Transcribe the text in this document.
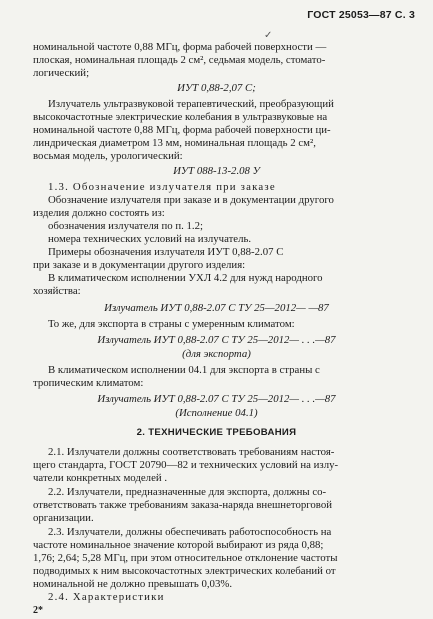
ГОСТ 25053—87 С. 3
✓
номинальной частоте 0,88 МГц, форма рабочей поверхности —
плоская, номинальная площадь 2 см², седьмая модель, стомато-
логический;
ИУТ 0,88-2,07 С;
Излучатель ультразвуковой терапевтический, преобразующий
высокочастотные электрические колебания в ультразвуковые на
номинальной частоте 0,88 МГц, форма рабочей поверхности ци-
линдрическая диаметром 13 мм, номинальная площадь 2 см²,
восьмая модель, урологический:
ИУТ 088-13-2.08 У
1.3. Обозначение излучателя при заказе
Обозначение излучателя при заказе и в документации другого
изделия должно состоять из:
обозначения излучателя по п. 1.2;
номера технических условий на излучатель.
Примеры обозначения излучателя ИУТ 0,88-2.07 С
при заказе и в документации другого изделия:
В климатическом исполнении УХЛ 4.2 для нужд народного
хозяйства:
Излучатель ИУТ 0,88-2.07 С ТУ 25—2012— —87
То же, для экспорта в страны с умеренным климатом:
Излучатель ИУТ 0,88-2.07 С ТУ 25—2012— . . .—87
(для экспорта)
В климатическом исполнении 04.1 для экспорта в страны с
тропическим климатом:
Излучатель ИУТ 0,88-2.07 С ТУ 25—2012— . . .—87
(Исполнение 04.1)
2. ТЕХНИЧЕСКИЕ ТРЕБОВАНИЯ
2.1. Излучатели должны соответствовать требованиям настоя-
щего стандарта, ГОСТ 20790—82 и технических условий на излу-
чатели конкретных моделей .
2.2. Излучатели, предназначенные для экспорта, должны со-
ответствовать также требованиям заказа-наряда внешнеторговой
организации.
2.3. Излучатели, должны обеспечивать работоспособность на
частоте номинальное значение которой выбирают из ряда 0,88;
1,76; 2,64; 5,28 МГц, при этом относительное отклонение частоты
подводимых к ним высокочастотных электрических колебаний от
номинальной не должно превышать 0,03%.
2.4. Характеристики
2*
